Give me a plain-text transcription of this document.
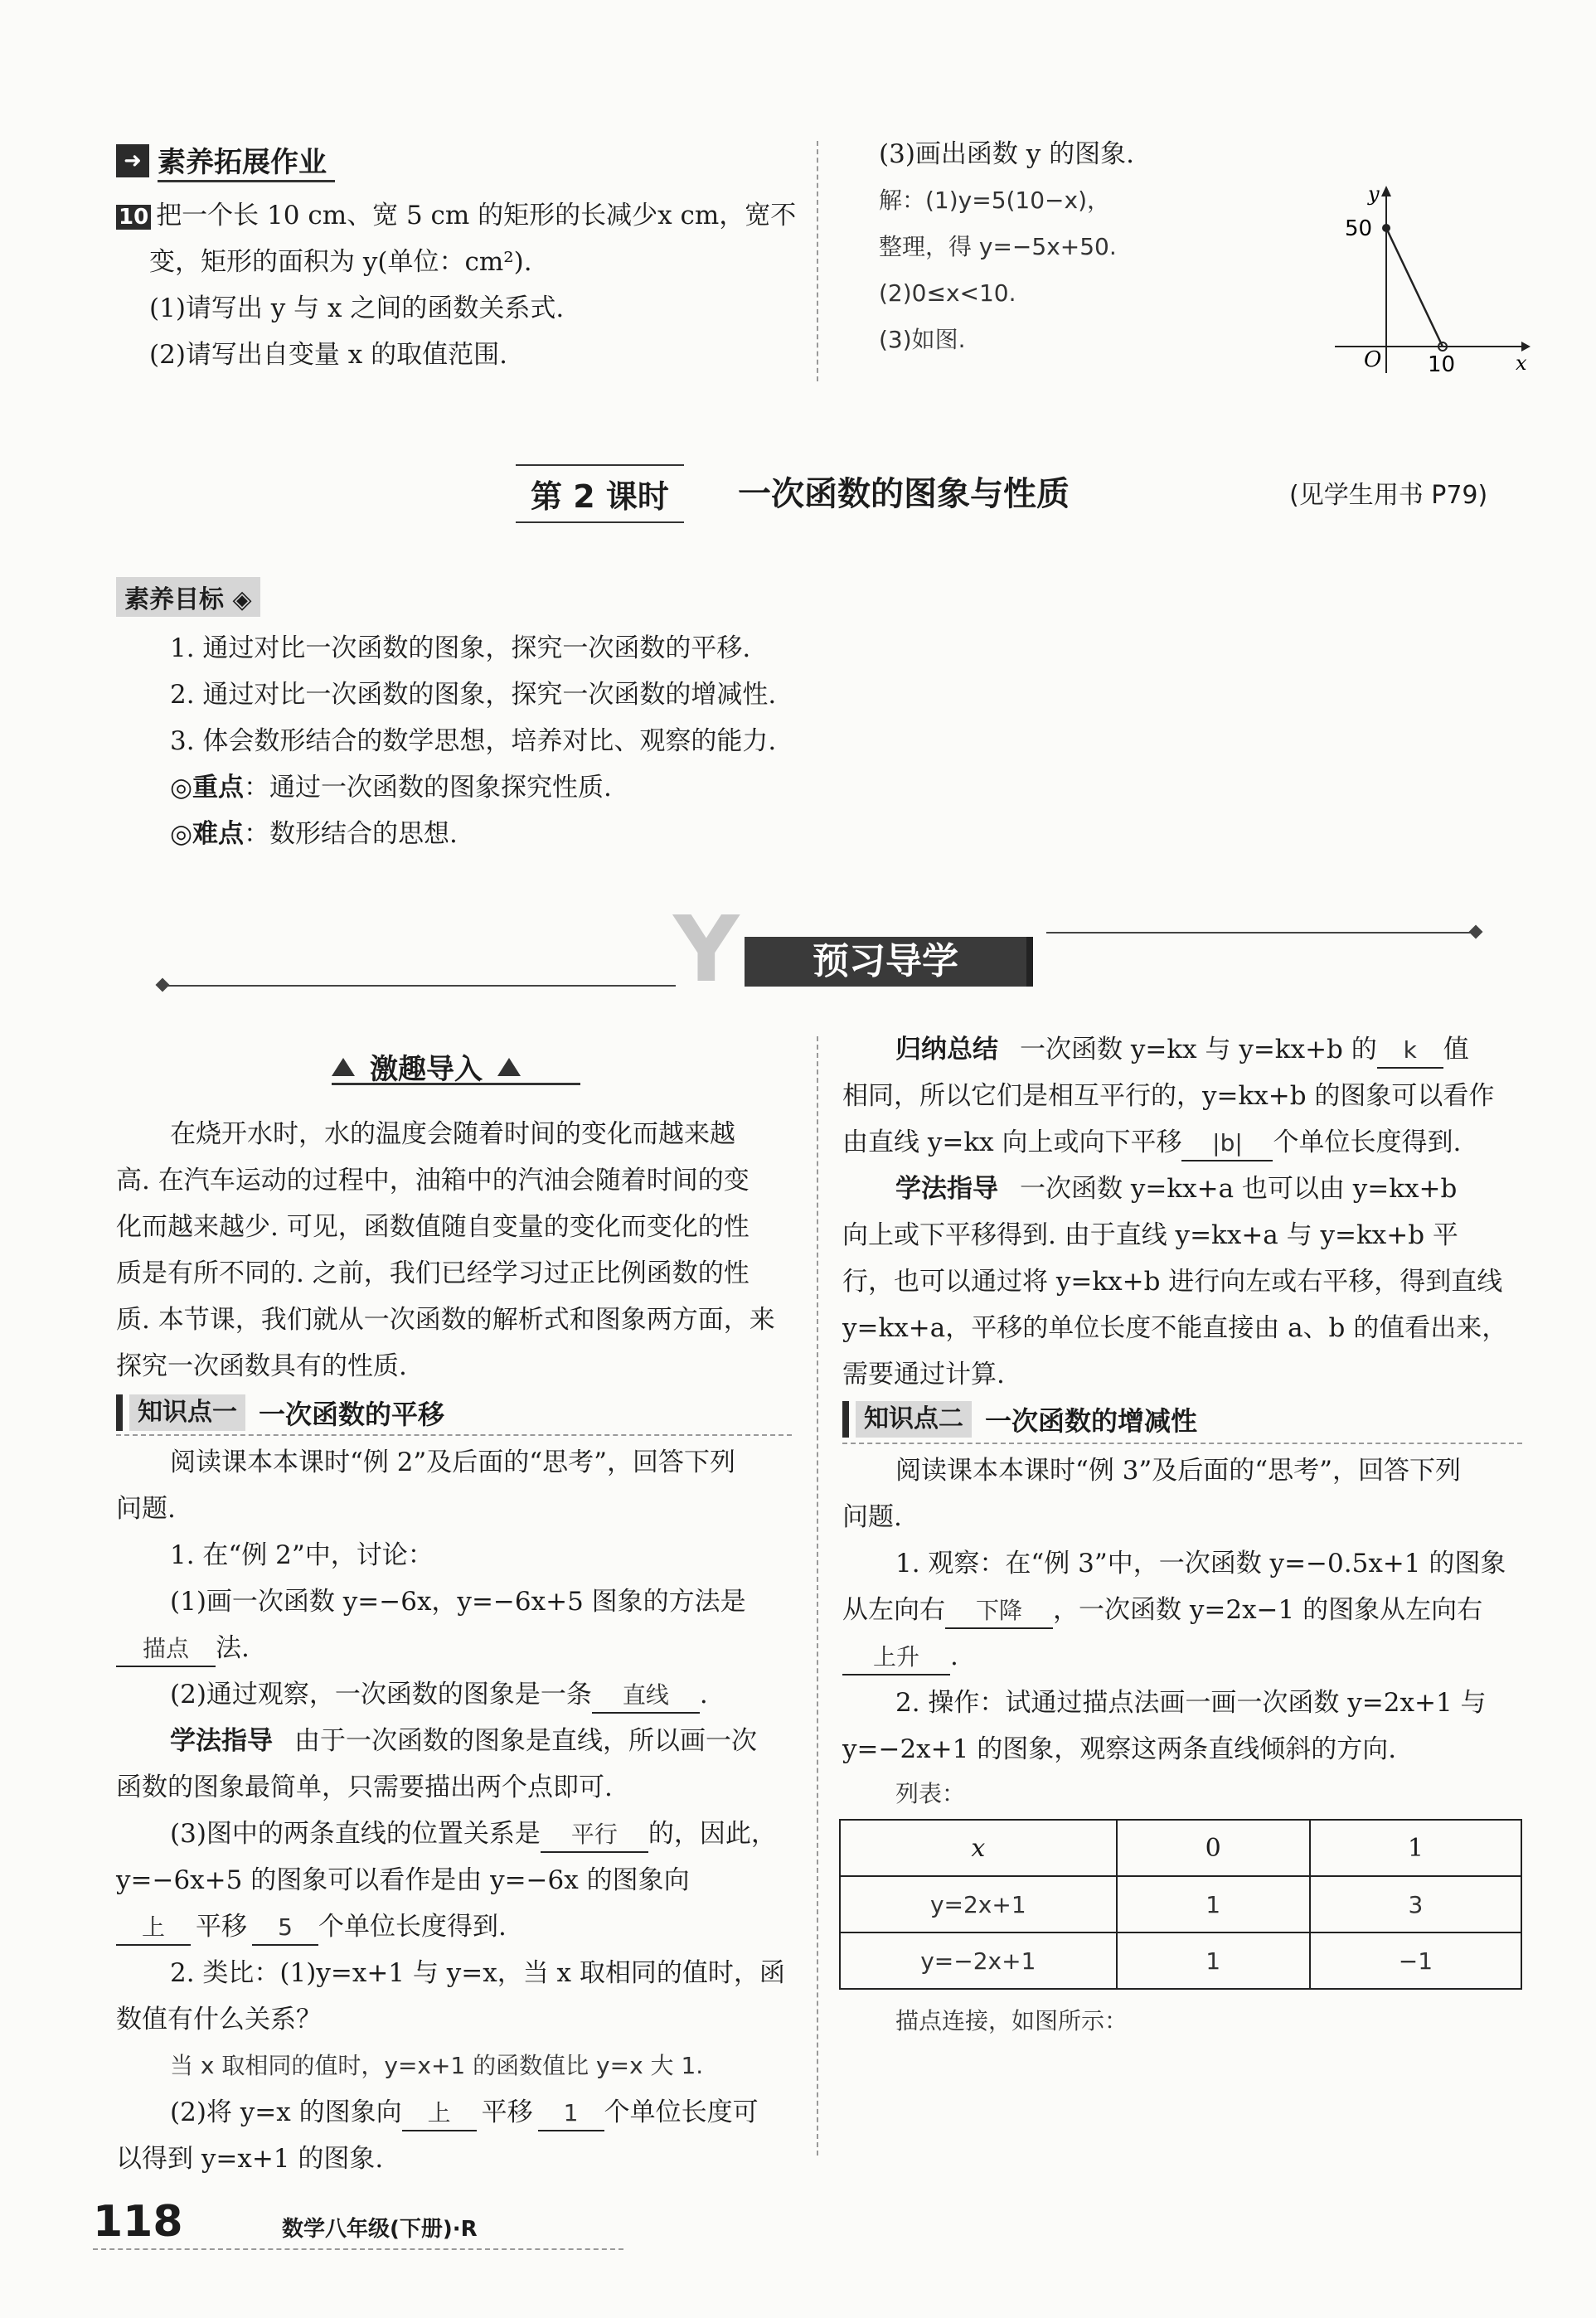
➜ 素养拓展作业
10 把一个长 10 cm、宽 5 cm 的矩形的长减少x cm，宽不
变，矩形的面积为 y(单位：cm²).
(1)请写出 y 与 x 之间的函数关系式.
(2)请写出自变量 x 的取值范围.
(3)画出函数 y 的图象.
解：(1)y=5(10−x)，
整理，得 y=−5x+50.
(2)0≤x<10.
(3)如图.
y
x
O
50
10
第 2 课时	一次函数的图象与性质	(见学生用书 P79)
素养目标 ◈
1. 通过对比一次函数的图象，探究一次函数的平移.
2. 通过对比一次函数的图象，探究一次函数的增减性.
3. 体会数形结合的数学思想，培养对比、观察的能力.
◎重点：通过一次函数的图象探究性质.
◎难点：数形结合的思想.
Y	预习导学
激趣导入
在烧开水时，水的温度会随着时间的变化而越来越
高. 在汽车运动的过程中，油箱中的汽油会随着时间的变
化而越来越少. 可见，函数值随自变量的变化而变化的性
质是有所不同的. 之前，我们已经学习过正比例函数的性
质. 本节课，我们就从一次函数的解析式和图象两方面，来
探究一次函数具有的性质.
知识点一 一次函数的平移
阅读课本本课时“例 2”及后面的“思考”，回答下列
问题.
1. 在“例 2”中，讨论：
(1)画一次函数 y=−6x，y=−6x+5 图象的方法是
描点 法.
(2)通过观察，一次函数的图象是一条 直线 .
学法指导 由于一次函数的图象是直线，所以画一次
函数的图象最简单，只需要描出两个点即可.
(3)图中的两条直线的位置关系是 平行 的，因此，
y=−6x+5 的图象可以看作是由 y=−6x 的图象向
上 平移 5 个单位长度得到.
2. 类比：(1)y=x+1 与 y=x，当 x 取相同的值时，函
数值有什么关系？
当 x 取相同的值时，y=x+1 的函数值比 y=x 大 1.
(2)将 y=x 的图象向 上 平移 1 个单位长度可
以得到 y=x+1 的图象.
归纳总结 一次函数 y=kx 与 y=kx+b 的 k 值
相同，所以它们是相互平行的，y=kx+b 的图象可以看作
由直线 y=kx 向上或向下平移 |b| 个单位长度得到.
学法指导 一次函数 y=kx+a 也可以由 y=kx+b
向上或下平移得到. 由于直线 y=kx+a 与 y=kx+b 平
行，也可以通过将 y=kx+b 进行向左或右平移，得到直线
y=kx+a，平移的单位长度不能直接由 a、b 的值看出来，
需要通过计算.
知识点二 一次函数的增减性
阅读课本本课时“例 3”及后面的“思考”，回答下列
问题.
1. 观察：在“例 3”中，一次函数 y=−0.5x+1 的图象
从左向右 下降 ，一次函数 y=2x−1 的图象从左向右
上升 .
2. 操作：试通过描点法画一画一次函数 y=2x+1 与
y=−2x+1 的图象，观察这两条直线倾斜的方向.
列表：
x	0	1
y=2x+1	1	3
y=−2x+1	1	−1
描点连接，如图所示：
118	数学八年级(下册)·R
